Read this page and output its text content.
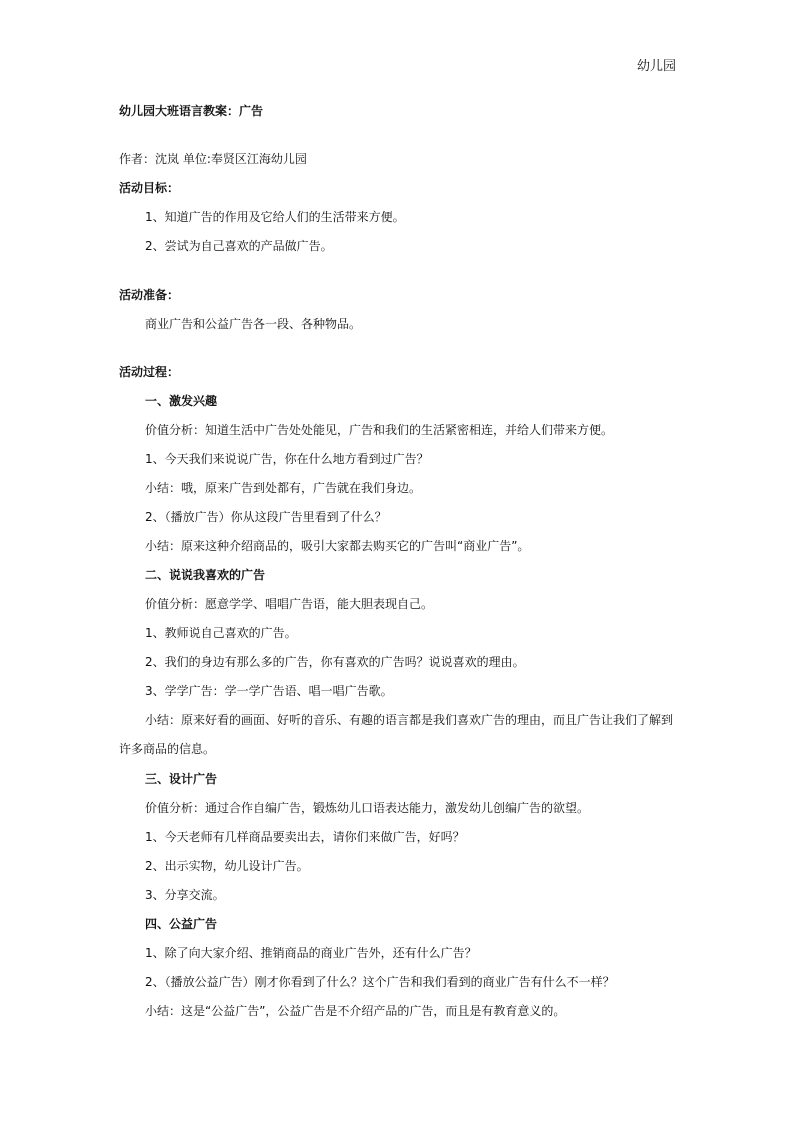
幼儿园
幼儿园大班语言教案：广告
作者：沈岚 单位:奉贤区江海幼儿园
活动目标：
1、知道广告的作用及它给人们的生活带来方便。
2、尝试为自己喜欢的产品做广告。
活动准备：
商业广告和公益广告各一段、各种物品。
活动过程：
一、激发兴趣
价值分析：知道生活中广告处处能见，广告和我们的生活紧密相连，并给人们带来方便。
1、今天我们来说说广告，你在什么地方看到过广告？
小结：哦，原来广告到处都有，广告就在我们身边。
2、（播放广告）你从这段广告里看到了什么？
小结：原来这种介绍商品的，吸引大家都去购买它的广告叫“商业广告”。
二、说说我喜欢的广告
价值分析：愿意学学、唱唱广告语，能大胆表现自己。
1、教师说自己喜欢的广告。
2、我们的身边有那么多的广告，你有喜欢的广告吗？说说喜欢的理由。
3、学学广告：学一学广告语、唱一唱广告歌。
小结：原来好看的画面、好听的音乐、有趣的语言都是我们喜欢广告的理由，而且广告让我们了解到
许多商品的信息。
三、设计广告
价值分析：通过合作自编广告，锻炼幼儿口语表达能力，激发幼儿创编广告的欲望。
1、今天老师有几样商品要卖出去，请你们来做广告，好吗？
2、出示实物，幼儿设计广告。
3、分享交流。
四、公益广告
1、除了向大家介绍、推销商品的商业广告外，还有什么广告？
2、（播放公益广告）刚才你看到了什么？这个广告和我们看到的商业广告有什么不一样？
小结：这是“公益广告”，公益广告是不介绍产品的广告，而且是有教育意义的。
